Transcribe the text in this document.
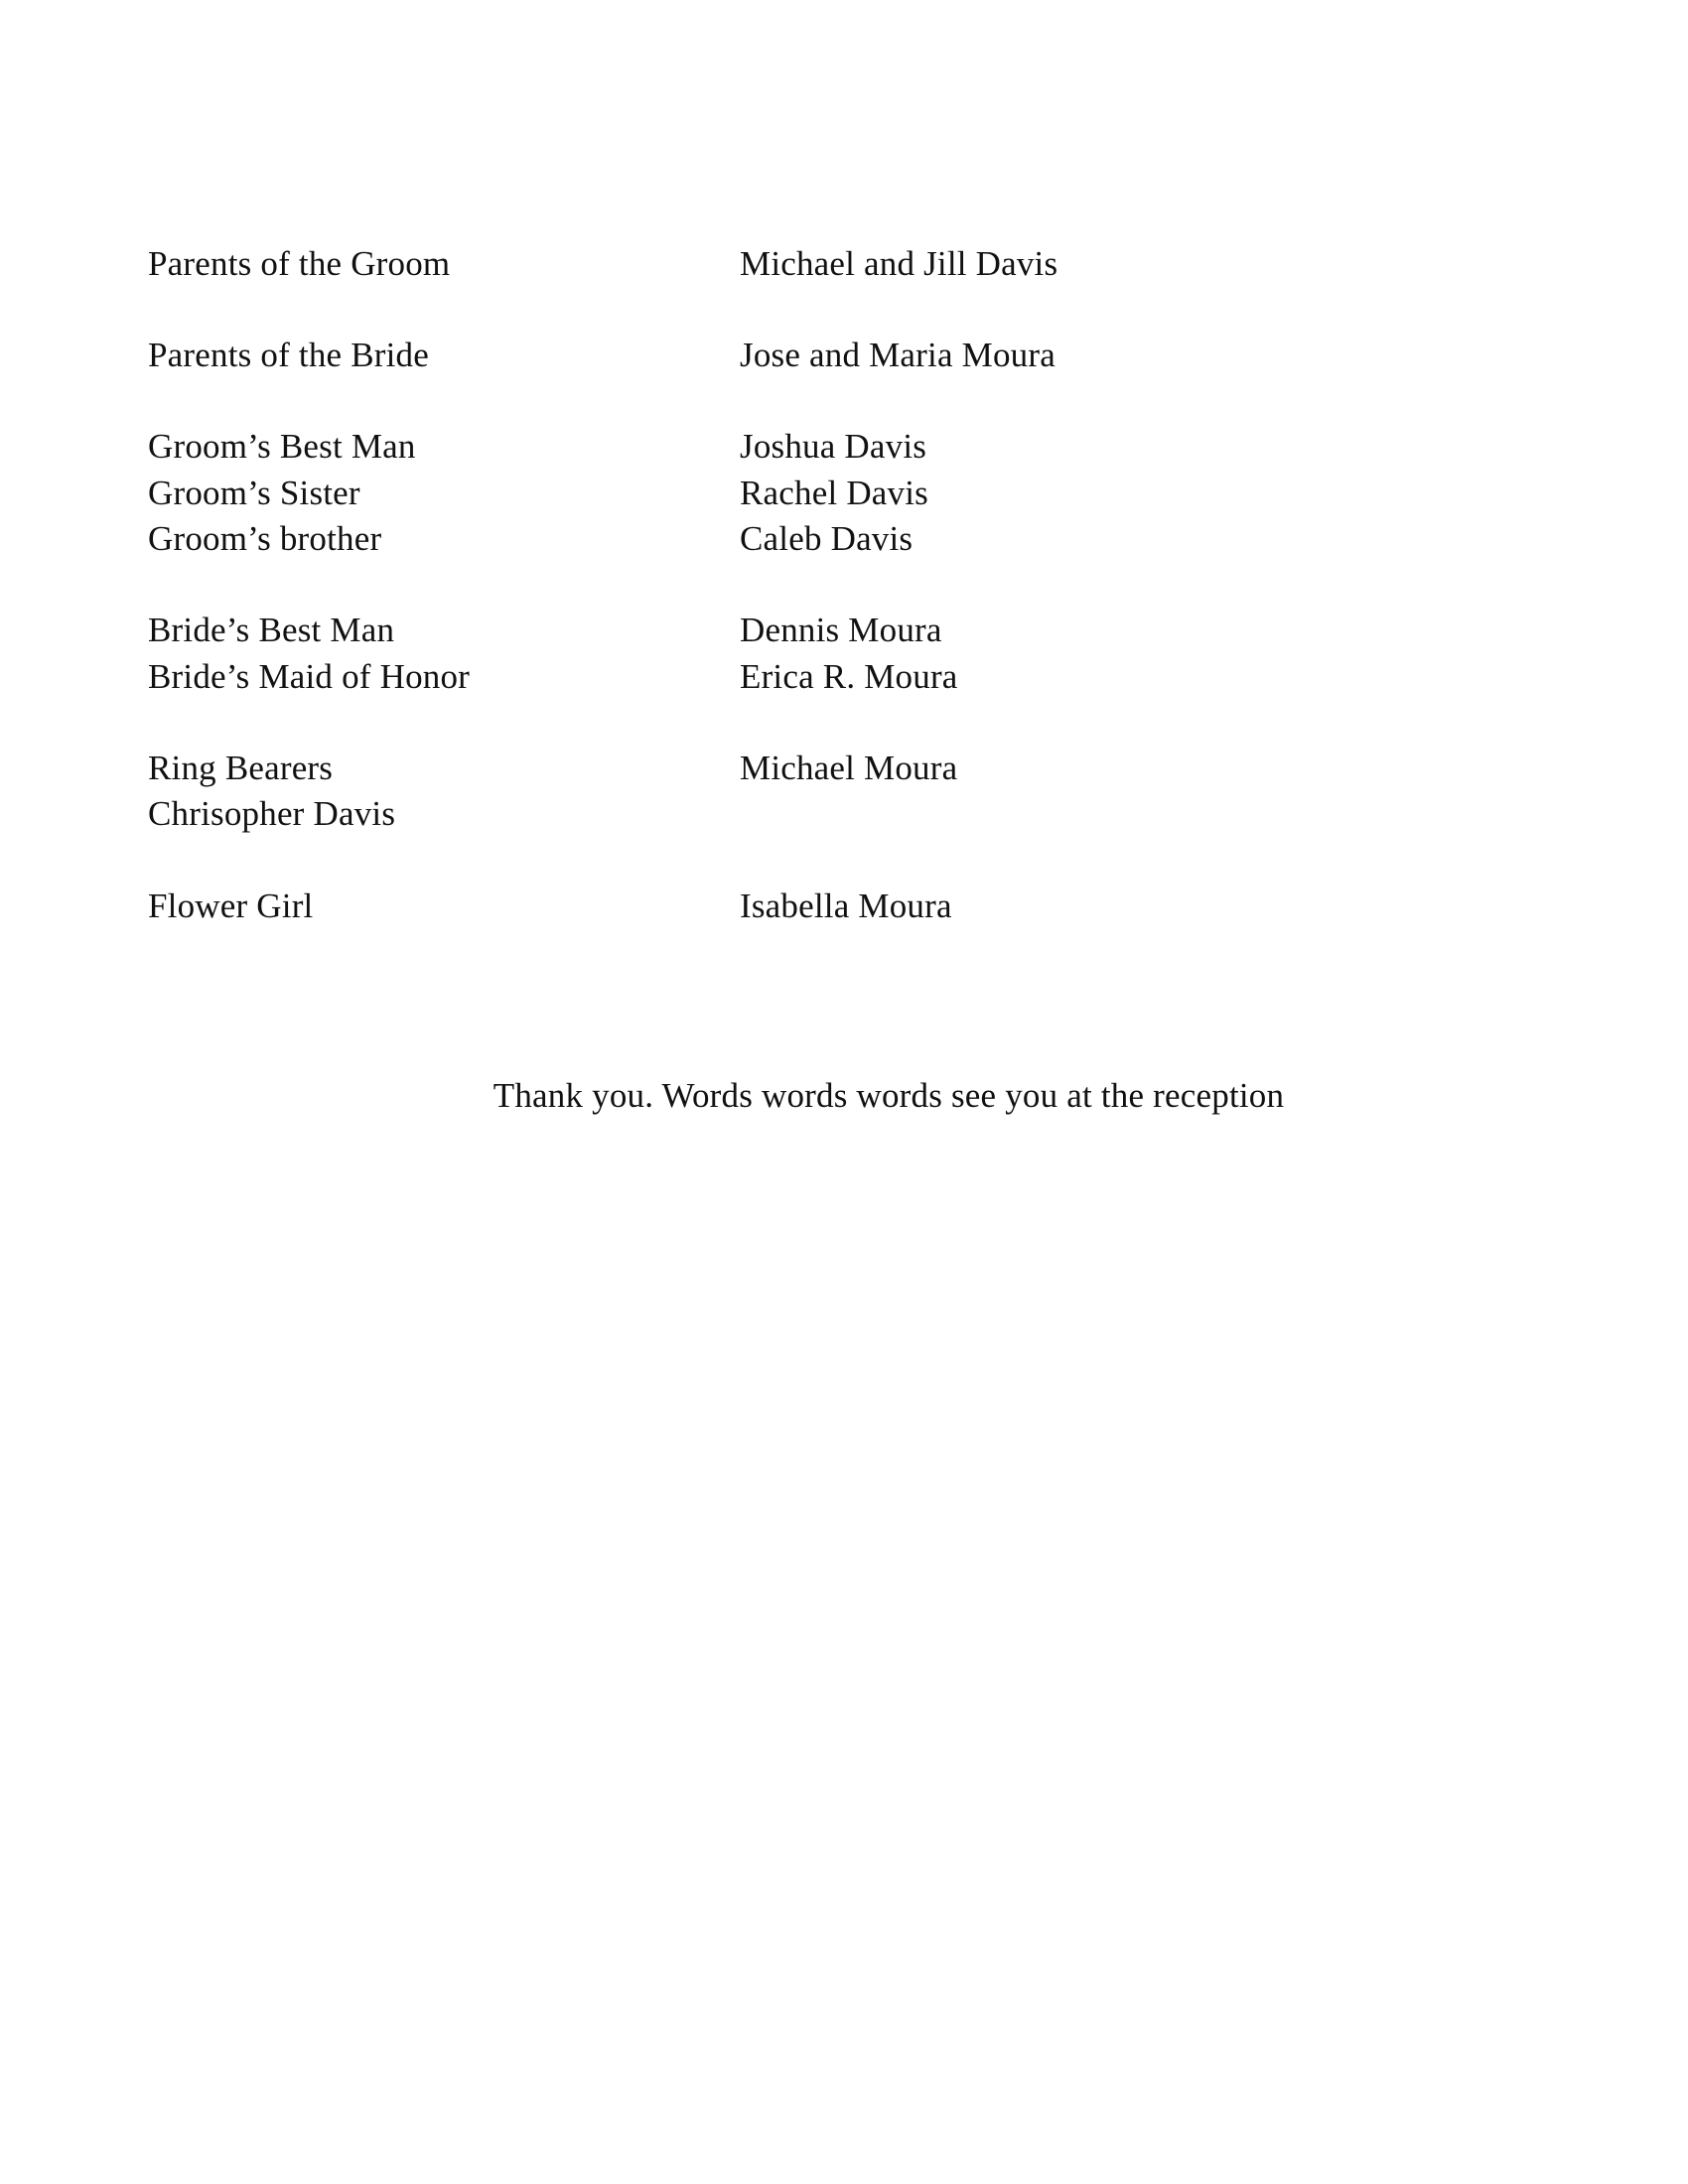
Parents of the Groom	Michael and Jill Davis
Parents of the Bride	Jose and Maria Moura
Groom’s Best Man	Joshua Davis
Groom’s Sister	Rachel Davis
Groom’s brother	Caleb Davis
Bride’s Best Man	Dennis Moura
Bride’s Maid of Honor	Erica R. Moura
Ring Bearers	Michael Moura
Chrisopher Davis
Flower Girl	Isabella Moura
Thank you. Words words words see you at the reception
